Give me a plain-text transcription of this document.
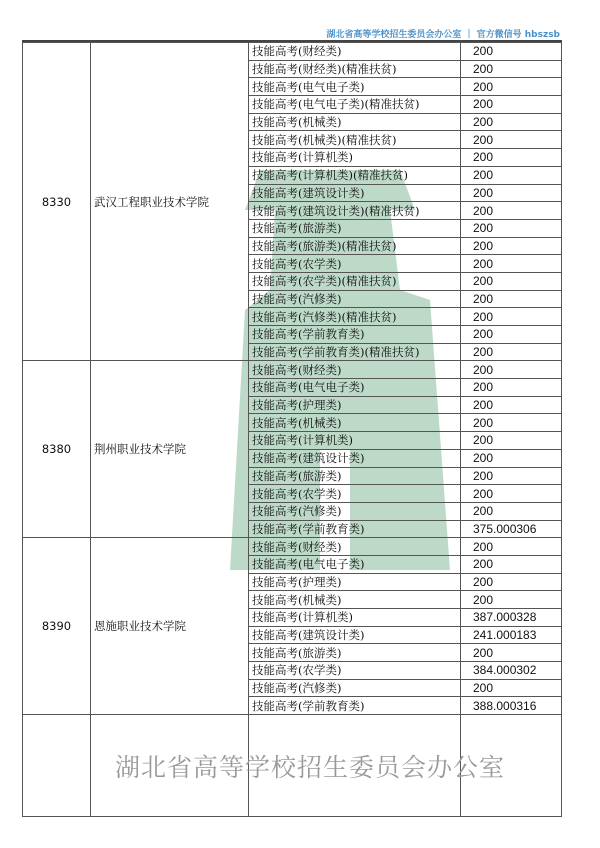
湖北省高等学校招生委员会办公室 ｜ 官方微信号 hbszsb
8330	武汉工程职业技术学院	技能高考(财经类)	200
		技能高考(财经类)(精准扶贫)	200
		技能高考(电气电子类)	200
		技能高考(电气电子类)(精准扶贫)	200
		技能高考(机械类)	200
		技能高考(机械类)(精准扶贫)	200
		技能高考(计算机类)	200
		技能高考(计算机类)(精准扶贫)	200
		技能高考(建筑设计类)	200
		技能高考(建筑设计类)(精准扶贫)	200
		技能高考(旅游类)	200
		技能高考(旅游类)(精准扶贫)	200
		技能高考(农学类)	200
		技能高考(农学类)(精准扶贫)	200
		技能高考(汽修类)	200
		技能高考(汽修类)(精准扶贫)	200
		技能高考(学前教育类)	200
		技能高考(学前教育类)(精准扶贫)	200
8380	荆州职业技术学院	技能高考(财经类)	200
		技能高考(电气电子类)	200
		技能高考(护理类)	200
		技能高考(机械类)	200
		技能高考(计算机类)	200
		技能高考(建筑设计类)	200
		技能高考(旅游类)	200
		技能高考(农学类)	200
		技能高考(汽修类)	200
		技能高考(学前教育类)	375.000306
8390	恩施职业技术学院	技能高考(财经类)	200
		技能高考(电气电子类)	200
		技能高考(护理类)	200
		技能高考(机械类)	200
		技能高考(计算机类)	387.000328
		技能高考(建筑设计类)	241.000183
		技能高考(旅游类)	200
		技能高考(农学类)	384.000302
		技能高考(汽修类)	200
		技能高考(学前教育类)	388.000316

湖北省高等学校招生委员会办公室
